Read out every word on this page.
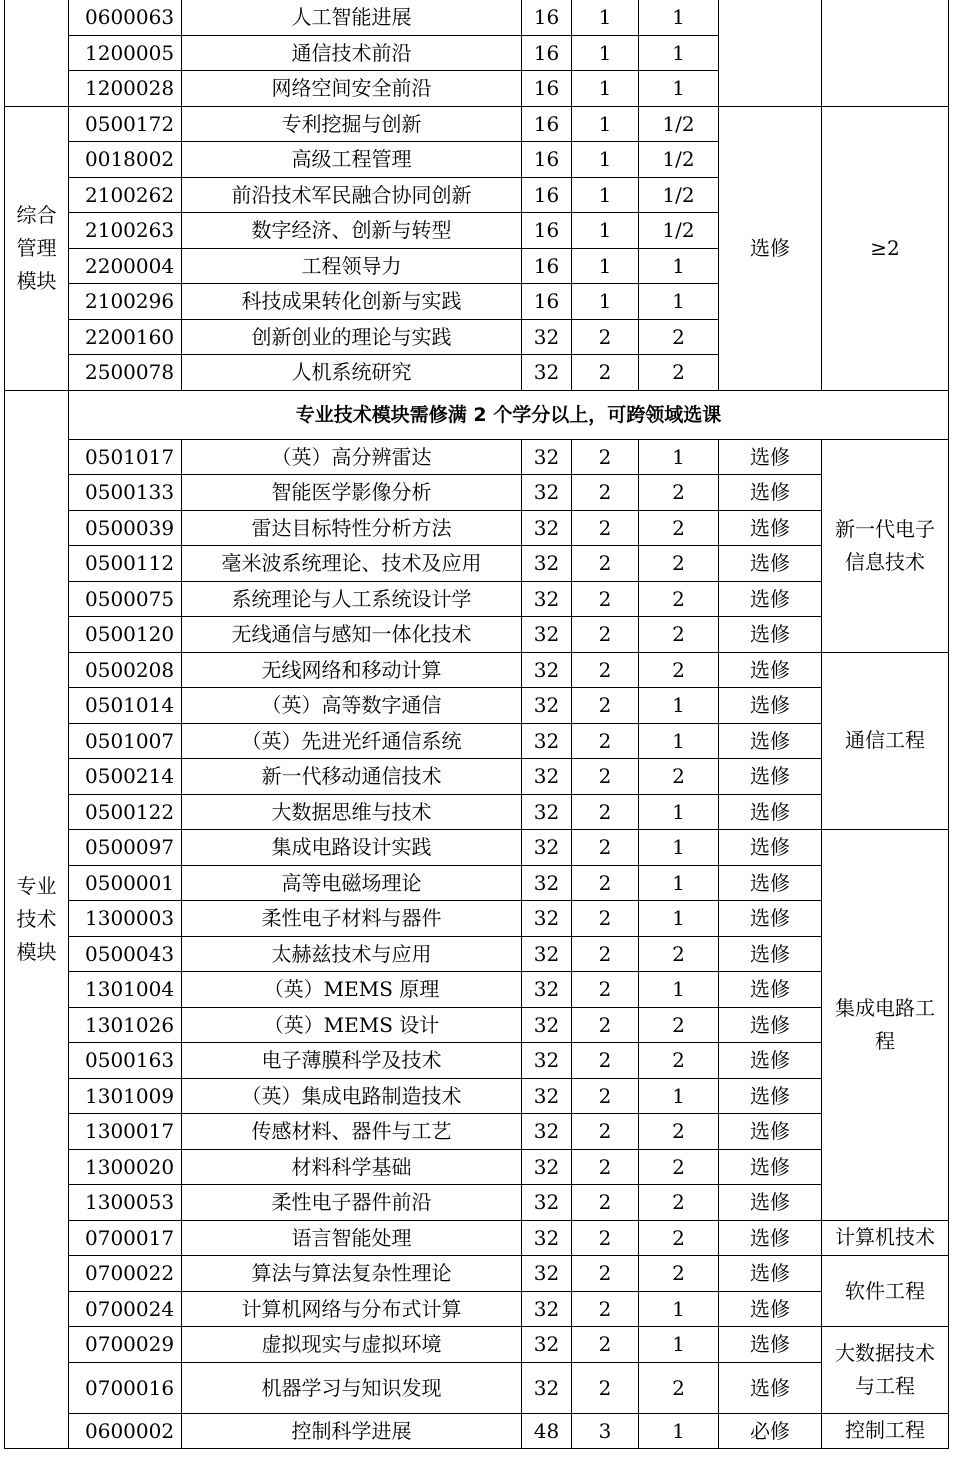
	0600063	人工智能进展	16	1	1		
	1200005	通信技术前沿	16	1	1		
	1200028	网络空间安全前沿	16	1	1		
综合管理模块	0500172	专利挖掘与创新	16	1	1/2	选修	≥2
	0018002	高级工程管理	16	1	1/2		
	2100262	前沿技术军民融合协同创新	16	1	1/2		
	2100263	数字经济、创新与转型	16	1	1/2		
	2200004	工程领导力	16	1	1		
	2100296	科技成果转化创新与实践	16	1	1		
	2200160	创新创业的理论与实践	32	2	2		
	2500078	人机系统研究	32	2	2		
专业技术模块	专业技术模块需修满 2 个学分以上，可跨领域选课						
	0501017	（英）高分辨雷达	32	2	1	选修	新一代电子信息技术
	0500133	智能医学影像分析	32	2	2	选修	
	0500039	雷达目标特性分析方法	32	2	2	选修	
	0500112	毫米波系统理论、技术及应用	32	2	2	选修	
	0500075	系统理论与人工系统设计学	32	2	2	选修	
	0500120	无线通信与感知一体化技术	32	2	2	选修	
	0500208	无线网络和移动计算	32	2	2	选修	通信工程
	0501014	（英）高等数字通信	32	2	1	选修	
	0501007	（英）先进光纤通信系统	32	2	1	选修	
	0500214	新一代移动通信技术	32	2	2	选修	
	0500122	大数据思维与技术	32	2	1	选修	
	0500097	集成电路设计实践	32	2	1	选修	集成电路工程
	0500001	高等电磁场理论	32	2	1	选修	
	1300003	柔性电子材料与器件	32	2	1	选修	
	0500043	太赫兹技术与应用	32	2	2	选修	
	1301004	（英）MEMS 原理	32	2	1	选修	
	1301026	（英）MEMS 设计	32	2	2	选修	
	0500163	电子薄膜科学及技术	32	2	2	选修	
	1301009	（英）集成电路制造技术	32	2	1	选修	
	1300017	传感材料、器件与工艺	32	2	2	选修	
	1300020	材料科学基础	32	2	2	选修	
	1300053	柔性电子器件前沿	32	2	2	选修	
	0700017	语言智能处理	32	2	2	选修	计算机技术
	0700022	算法与算法复杂性理论	32	2	2	选修	软件工程
	0700024	计算机网络与分布式计算	32	2	1	选修	
	0700029	虚拟现实与虚拟环境	32	2	1	选修	大数据技术与工程
	0700016	机器学习与知识发现	32	2	2	选修	
	0600002	控制科学进展	48	3	1	必修	控制工程
